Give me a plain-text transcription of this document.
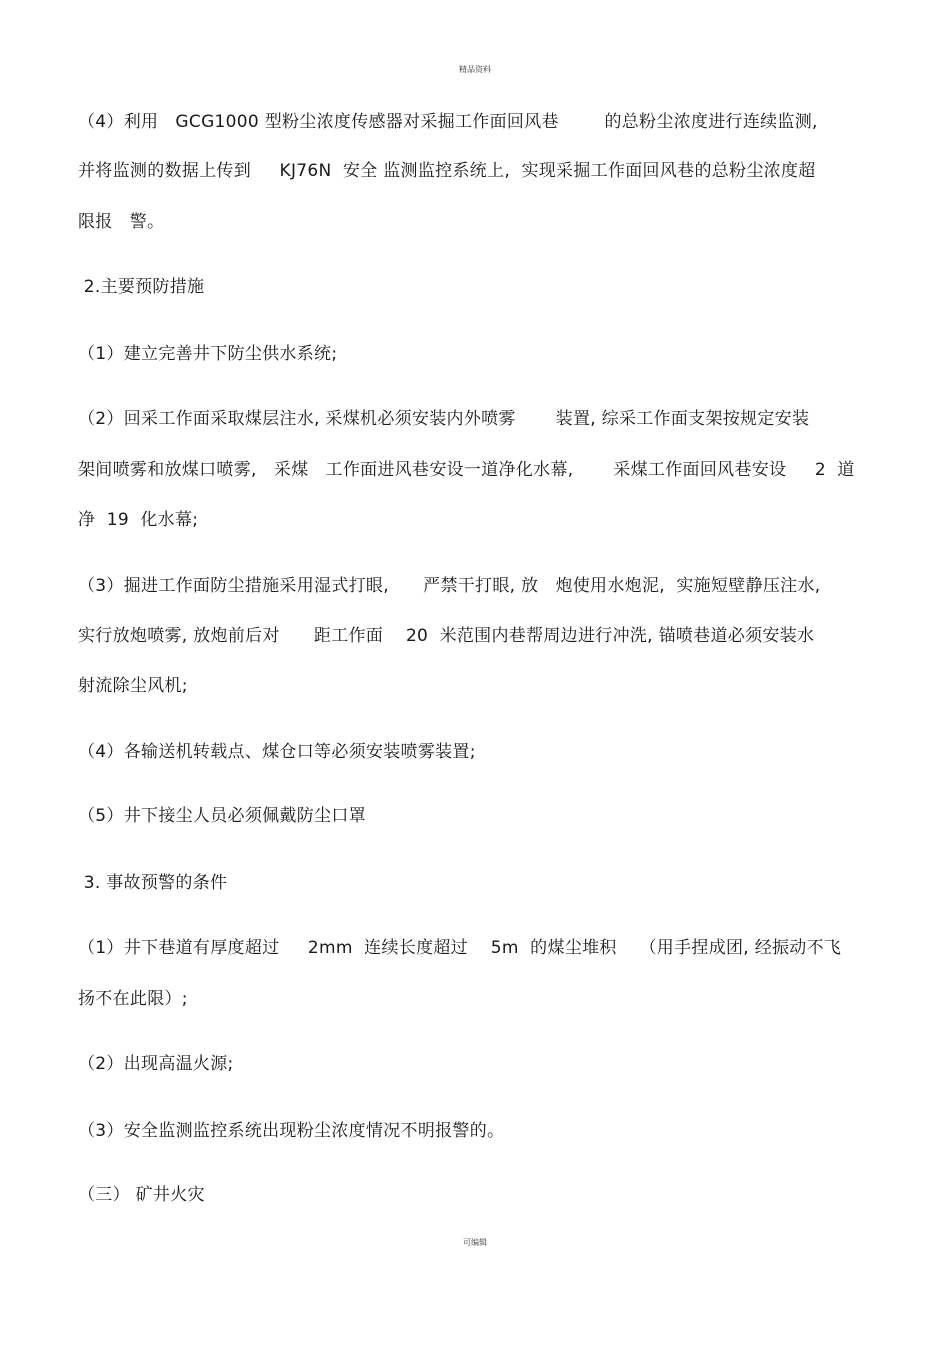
精品资料
（4）利用   GCG1000 型粉尘浓度传感器对采掘工作面回风巷        的总粉尘浓度进行连续监测,
并将监测的数据上传到     KJ76N  安全 监测监控系统上,  实现采掘工作面回风巷的总粉尘浓度超
限报   警。
2.主要预防措施
（1）建立完善井下防尘供水系统;
（2）回采工作面采取煤层注水, 采煤机必须安装内外喷雾       装置, 综采工作面支架按规定安装
架间喷雾和放煤口喷雾,   采煤   工作面进风巷安设一道净化水幕,       采煤工作面回风巷安设     2  道
净  19  化水幕;
（3）掘进工作面防尘措施采用湿式打眼,      严禁干打眼, 放   炮使用水炮泥,  实施短壁静压注水,
实行放炮喷雾, 放炮前后对      距工作面    20  米范围内巷帮周边进行冲洗, 锚喷巷道必须安装水
射流除尘风机;
（4）各输送机转载点、煤仓口等必须安装喷雾装置;
（5）井下接尘人员必须佩戴防尘口罩
3. 事故预警的条件
（1）井下巷道有厚度超过     2mm  连续长度超过    5m  的煤尘堆积    （用手捏成团, 经振动不飞
扬不在此限）;
（2）出现高温火源;
（3）安全监测监控系统出现粉尘浓度情况不明报警的。
（三） 矿井火灾
可编辑
